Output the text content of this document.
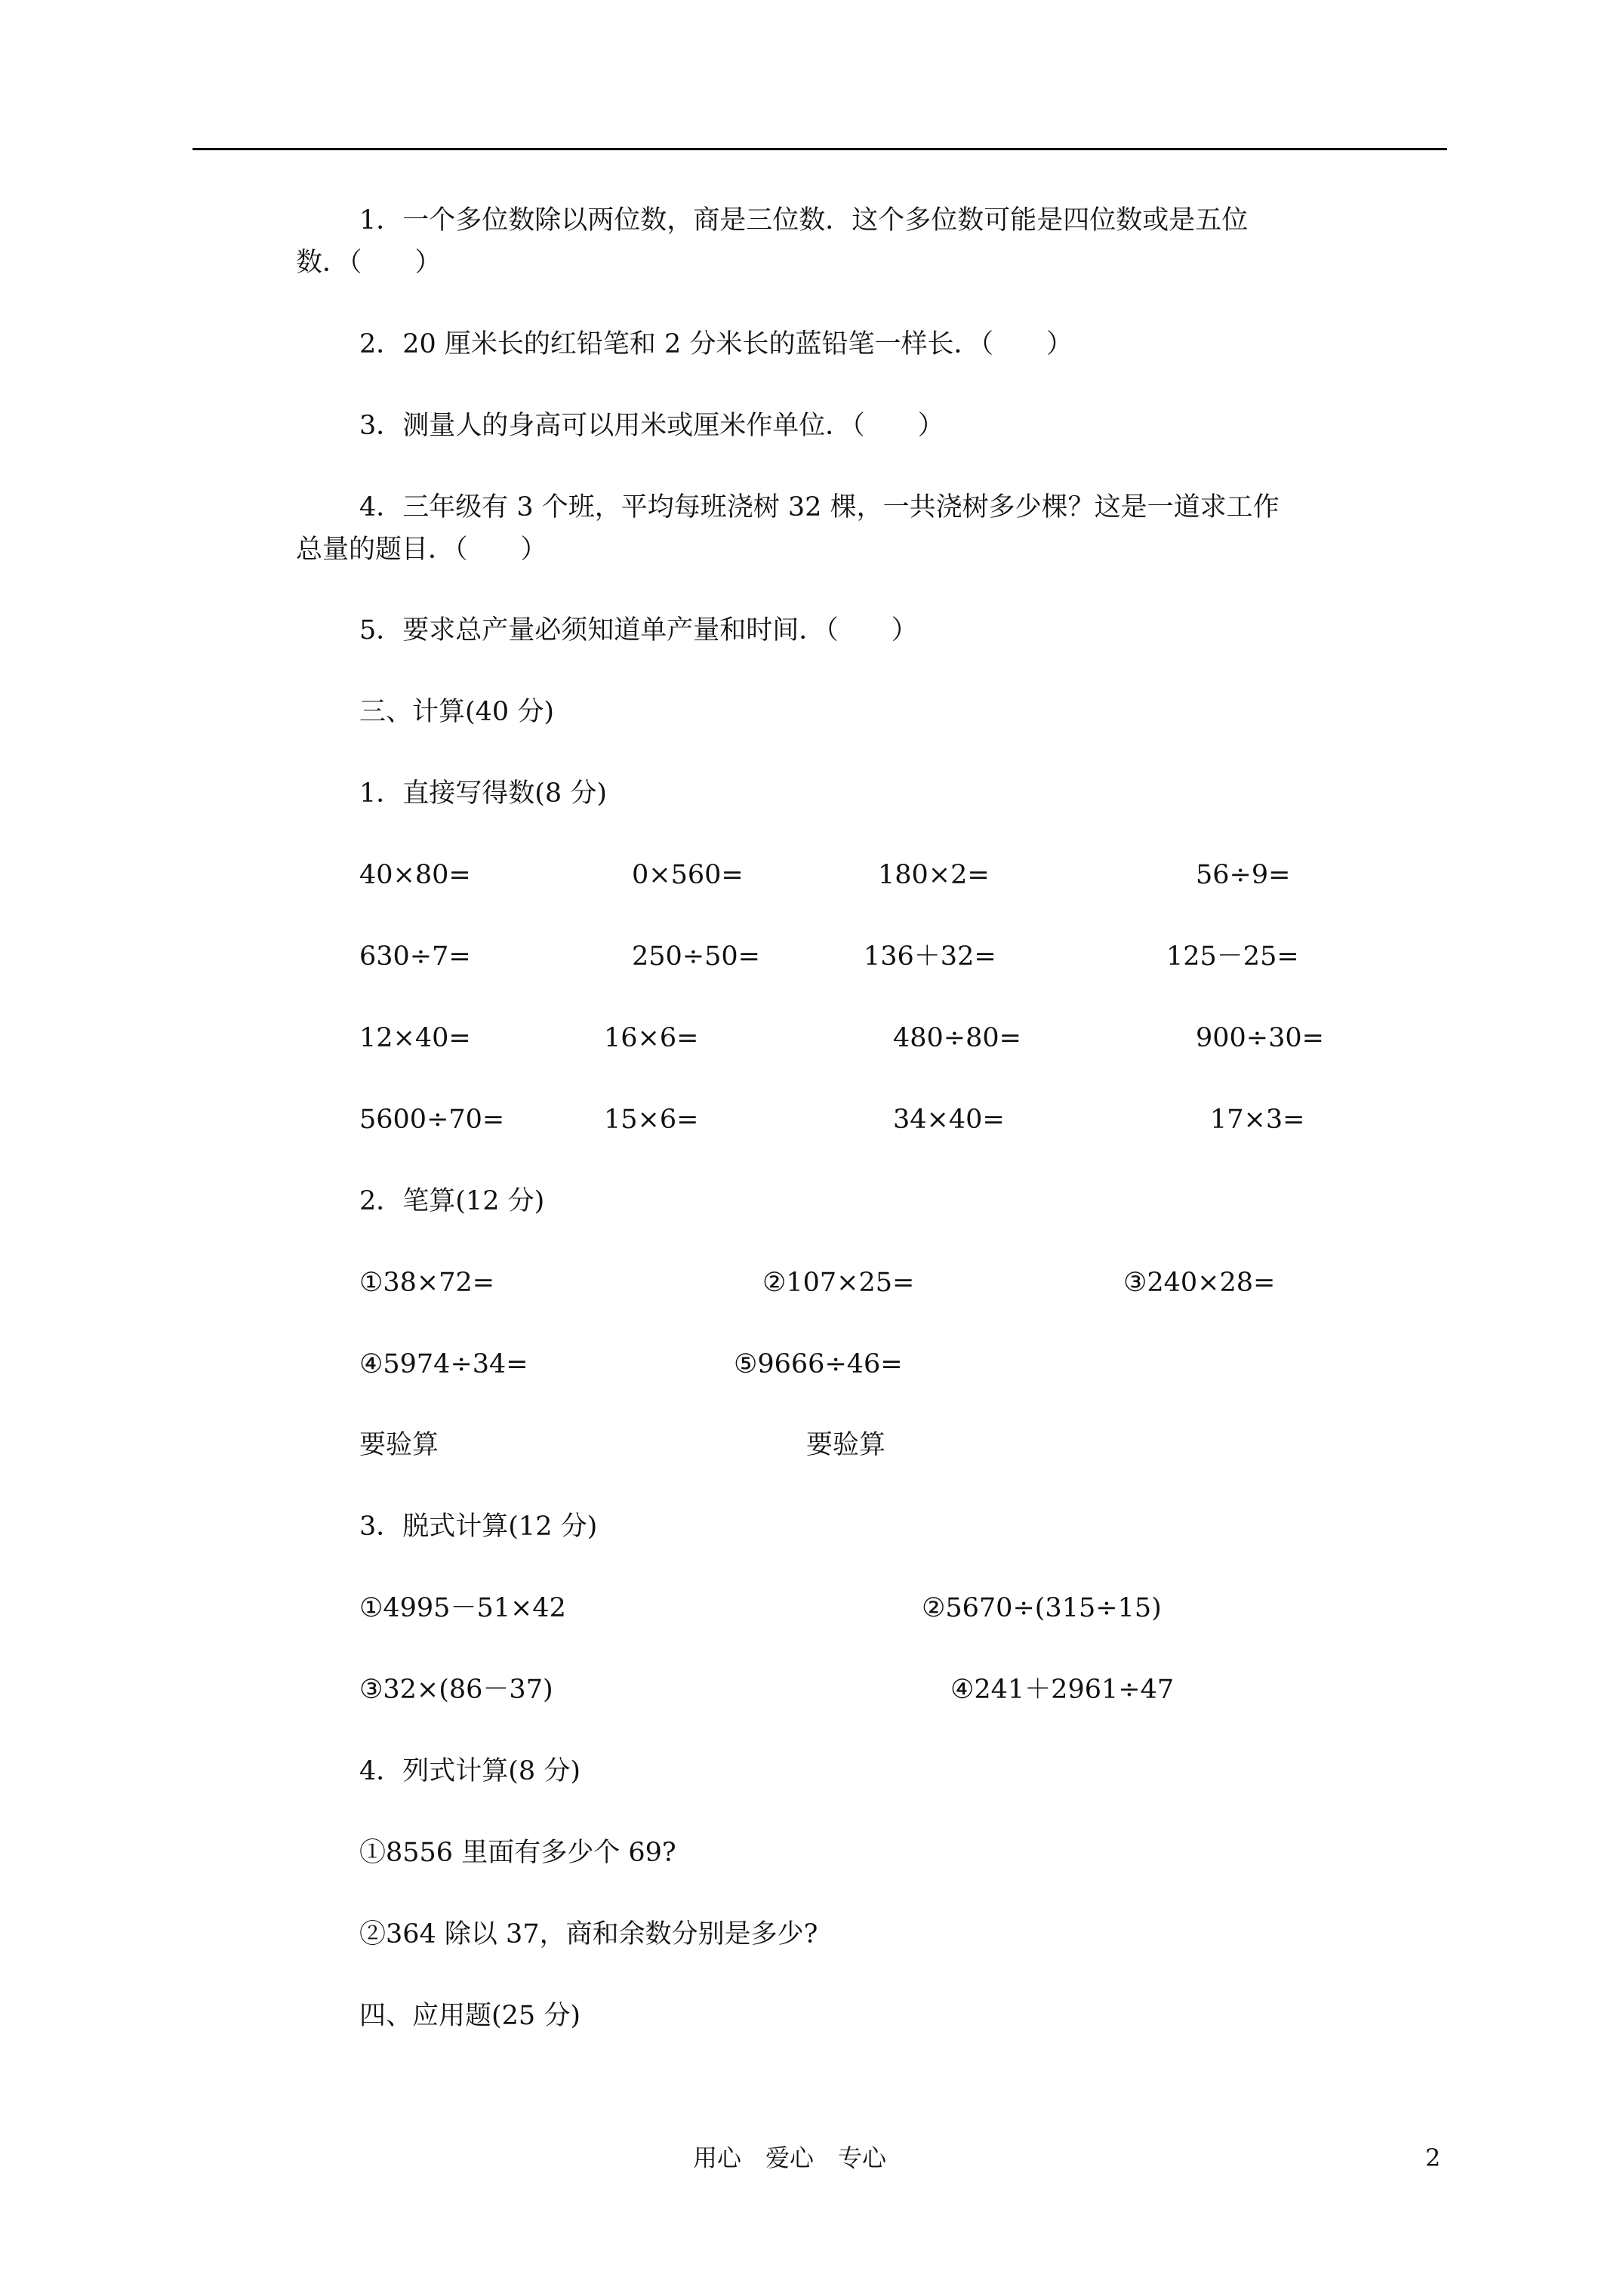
1．一个多位数除以两位数，商是三位数．这个多位数可能是四位数或是五位
数．（　　）
2．20 厘米长的红铅笔和 2 分米长的蓝铅笔一样长．（　　）
3．测量人的身高可以用米或厘米作单位．（　　）
4．三年级有 3 个班，平均每班浇树 32 棵，一共浇树多少棵？这是一道求工作
总量的题目．（　　）
5．要求总产量必须知道单产量和时间．（　　）
三、计算(40 分)
1．直接写得数(8 分)
40×80=	0×560=	180×2=	56÷9=
630÷7=	250÷50=	136＋32=	125－25=
12×40=	16×6=	480÷80=	900÷30=
5600÷70=	15×6=	34×40=	17×3=
2．笔算(12 分)
①38×72=	②107×25=	③240×28=
④5974÷34=	⑤9666÷46=
要验算	要验算
3．脱式计算(12 分)
①4995－51×42	②5670÷(315÷15)
③32×(86－37)	④241＋2961÷47
4．列式计算(8 分)
①8556 里面有多少个 69?
②364 除以 37，商和余数分别是多少?
四、应用题(25 分)
用心　爱心　专心	2
